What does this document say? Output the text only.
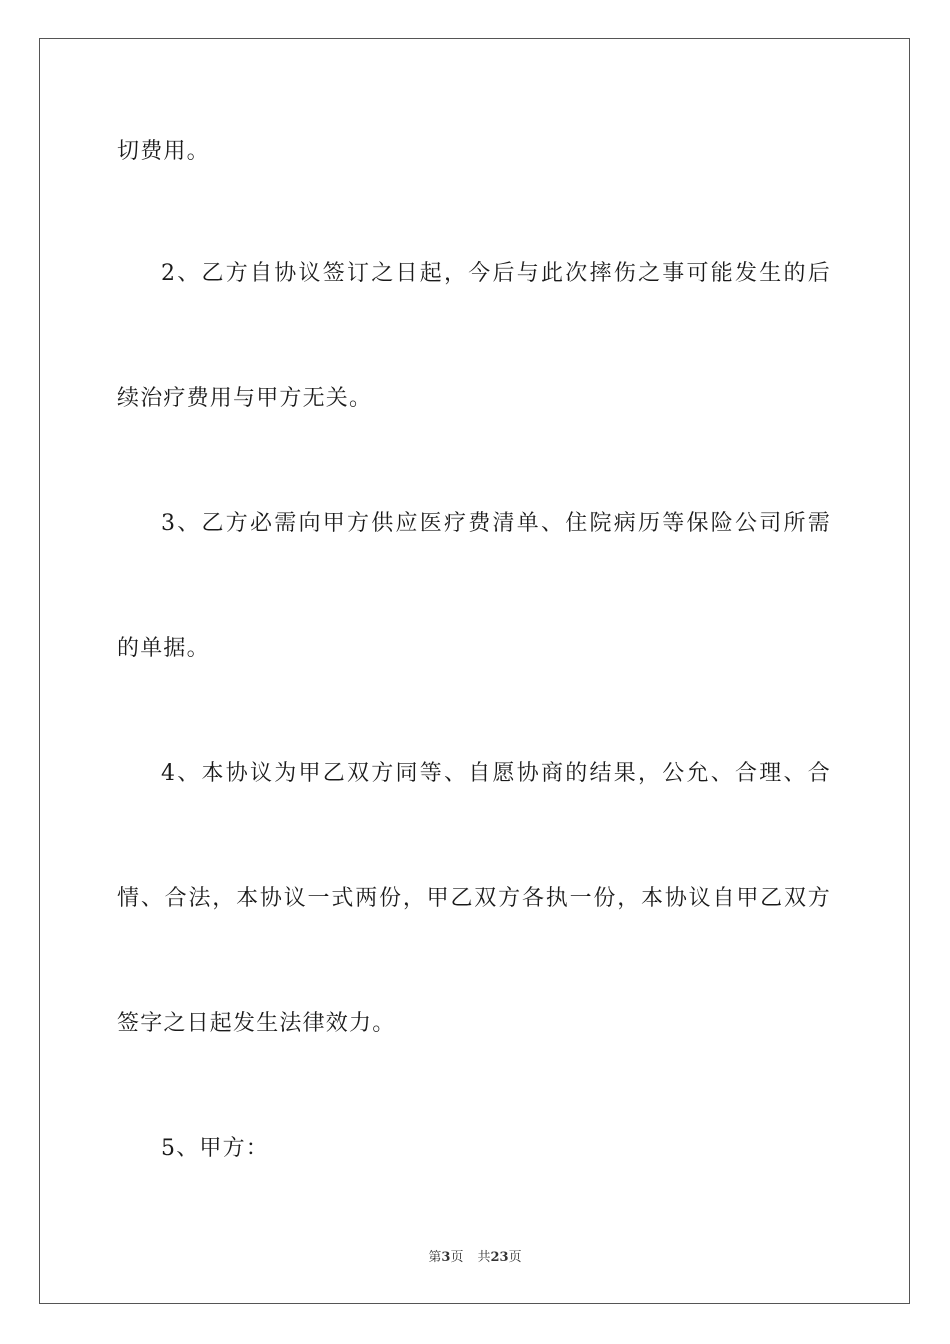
切费用。
2、乙方自协议签订之日起，今后与此次摔伤之事可能发生的后
续治疗费用与甲方无关。
3、乙方必需向甲方供应医疗费清单、住院病历等保险公司所需
的单据。
4、本协议为甲乙双方同等、自愿协商的结果，公允、合理、合
情、合法，本协议一式两份，甲乙双方各执一份，本协议自甲乙双方
签字之日起发生法律效力。
5、甲方：
第3页 共23页
